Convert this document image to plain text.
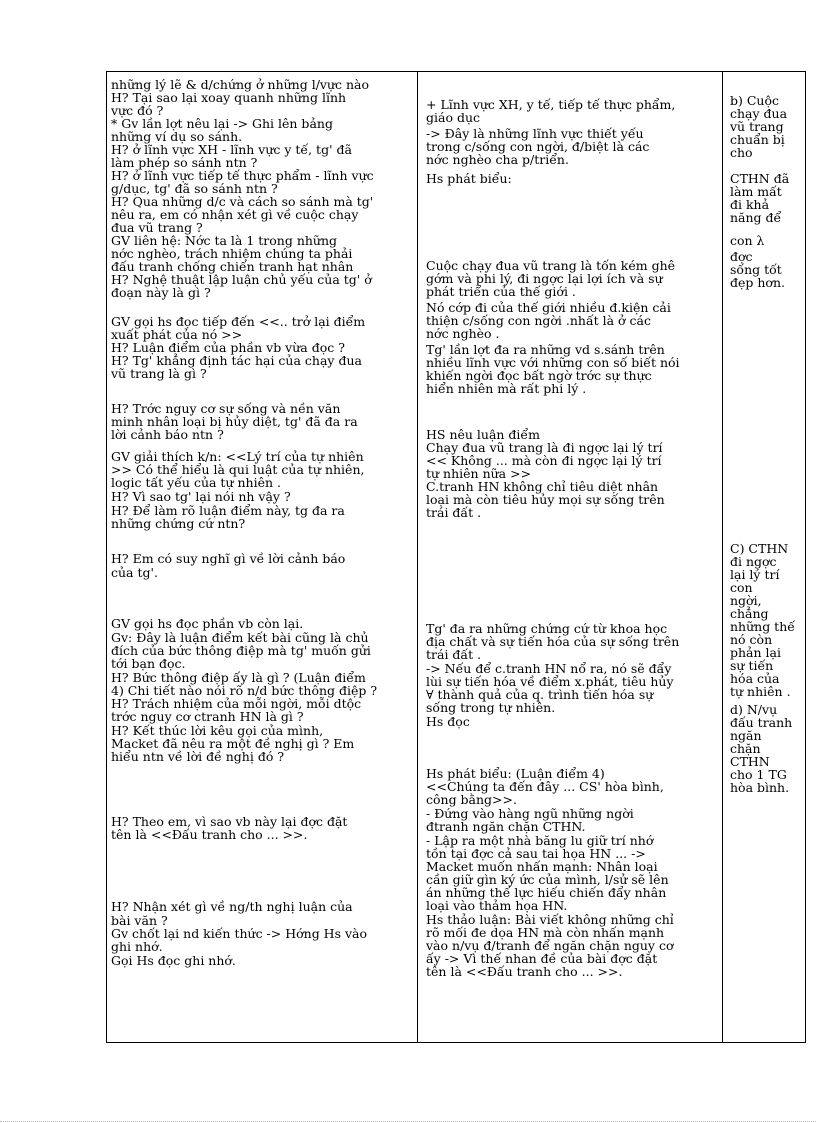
những lý lẽ & d/chứng ở những l/vực nào
H? Tại sao lại xoay quanh những lĩnh
vực đó ?
* Gv lần lợt nêu lại -> Ghi lên bảng
những ví dụ so sánh.
H? ở lĩnh vực XH - lĩnh vực y tế, tg' đã
làm phép so sánh ntn ?
H? ở lĩnh vực tiếp tế thực phẩm - lĩnh vực
g/dục, tg' đã so sánh ntn ?
H? Qua những d/c và cách so sánh mà tg'
nêu ra, em có nhận xét gì về cuộc chạy
đua vũ trang ?
GV liên hệ: Nớc ta là 1 trong những
nớc nghèo, trách nhiệm chúng ta phải
đấu tranh chống chiến tranh hạt nhân
H? Nghệ thuật lập luận chủ yếu của tg' ở
đoạn này là gì ?
GV gọi hs đọc tiếp đến <<.. trở lại điểm
xuất phát của nó >>
H? Luận điểm của phần vb vừa đọc ?
H? Tg' khẳng định tác hại của chạy đua
vũ trang là gì ?
H? Trớc nguy cơ sự sống và nền văn
minh nhân loại bị hủy diệt, tg' đã đa ra
lời cảnh báo ntn ?
GV giải thích k/n: <<Lý trí của tự nhiên
>> Có thể hiểu là qui luật của tự nhiên,
logic tất yếu của tự nhiên .
H? Vì sao tg' lại nói nh vậy ?
H? Để làm rõ luận điểm này, tg đa ra
những chứng cứ ntn?
H? Em có suy nghĩ gì về lời cảnh báo
của tg'.
GV gọi hs đọc phần vb còn lại.
Gv: Đây là luận điểm kết bài cũng là chủ
đích của bức thông điệp mà tg' muốn gửi
tới bạn đọc.
H? Bức thông điệp ấy là gì ? (Luận điểm
4) Chi tiết nào nói rõ n/d bức thông điệp ?
H? Trách nhiệm của mỗi ngời, mỗi dtộc
trớc nguy cơ ctranh HN là gì ?
H? Kết thúc lời kêu gọi của mình,
Macket đã nêu ra một đề nghị gì ? Em
hiểu ntn về lời đề nghị đó ?
H? Theo em, vì sao vb này lại đợc đặt
tên là <<Đấu tranh cho ... >>.
H? Nhận xét gì về ng/th nghị luận của
bài văn ?
Gv chốt lại nd kiến thức -> Hớng Hs vào
ghi nhớ.
Gọi Hs đọc ghi nhớ.
+ Lĩnh vực XH, y tế, tiếp tế thực phẩm,
giáo dục
-> Đây là những lĩnh vực thiết yếu
trong c/sống con ngời, đ/biệt là các
nớc nghèo cha p/triển.
Hs phát biểu:
Cuộc chạy đua vũ trang là tốn kém ghê
gớm và phi lý, đi ngợc lại lợi ích và sự
phát triển của thế giới .
Nó cớp đi của thế giới nhiều đ.kiện cải
thiện c/sống con ngời .nhất là ở các
nớc nghèo .
Tg' lần lợt đa ra những vd s.sánh trên
nhiều lĩnh vực với những con số biết nói
khiến ngời đọc bất ngờ trớc sự thực
hiển nhiên mà rất phi lý .
HS nêu luận điểm
Chạy đua vũ trang là đi ngợc lại lý trí
<< Không ... mà còn đi ngợc lại lý trí
tự nhiên nữa >>
C.tranh HN không chỉ tiêu diệt nhân
loại mà còn tiêu hủy mọi sự sống trên
trái đất .
Tg' đa ra những chứng cứ từ khoa học
địa chất và sự tiến hóa của sự sống trên
trái đất .
-> Nếu để c.tranh HN nổ ra, nó sẽ đẩy
lùi sự tiến hóa về điểm x.phát, tiêu hủy
∀ thành quả của q. trình tiến hóa sự
sống trong tự nhiên.
Hs đọc
Hs phát biểu: (Luận điểm 4)
<<Chúng ta đến đây ... CS' hòa bình,
công bằng>>.
- Đứng vào hàng ngũ những ngời
đtranh ngăn chặn CTHN.
- Lập ra một nhà băng lu giữ trí nhớ
tồn tại đợc cả sau tai họa HN ... ->
Macket muốn nhấn mạnh: Nhân loại
cần giữ gìn ký ức của mình, l/sử sẽ lên
án những thế lực hiếu chiến đẩy nhân
loại vào thảm họa HN.
Hs thảo luận: Bài viết không những chỉ
rõ mối đe dọa HN mà còn nhấn mạnh
vào n/vụ đ/tranh để ngăn chặn nguy cơ
ấy -> Vì thế nhan đề của bài đợc đặt
tên là <<Đấu tranh cho ... >>.
b) Cuộc
chạy đua
vũ trang
chuẩn bị
cho
CTHN đã
làm mất
đi khả
năng để
con λ
đợc
sống tốt
đẹp hơn.
C) CTHN
đi ngợc
lại lý trí
con
ngời,
chẳng
những thế
nó còn
phản lại
sự tiến
hóa của
tự nhiên .
d) N/vụ
đấu tranh
ngăn
chặn
CTHN
cho 1 TG
hòa bình.
